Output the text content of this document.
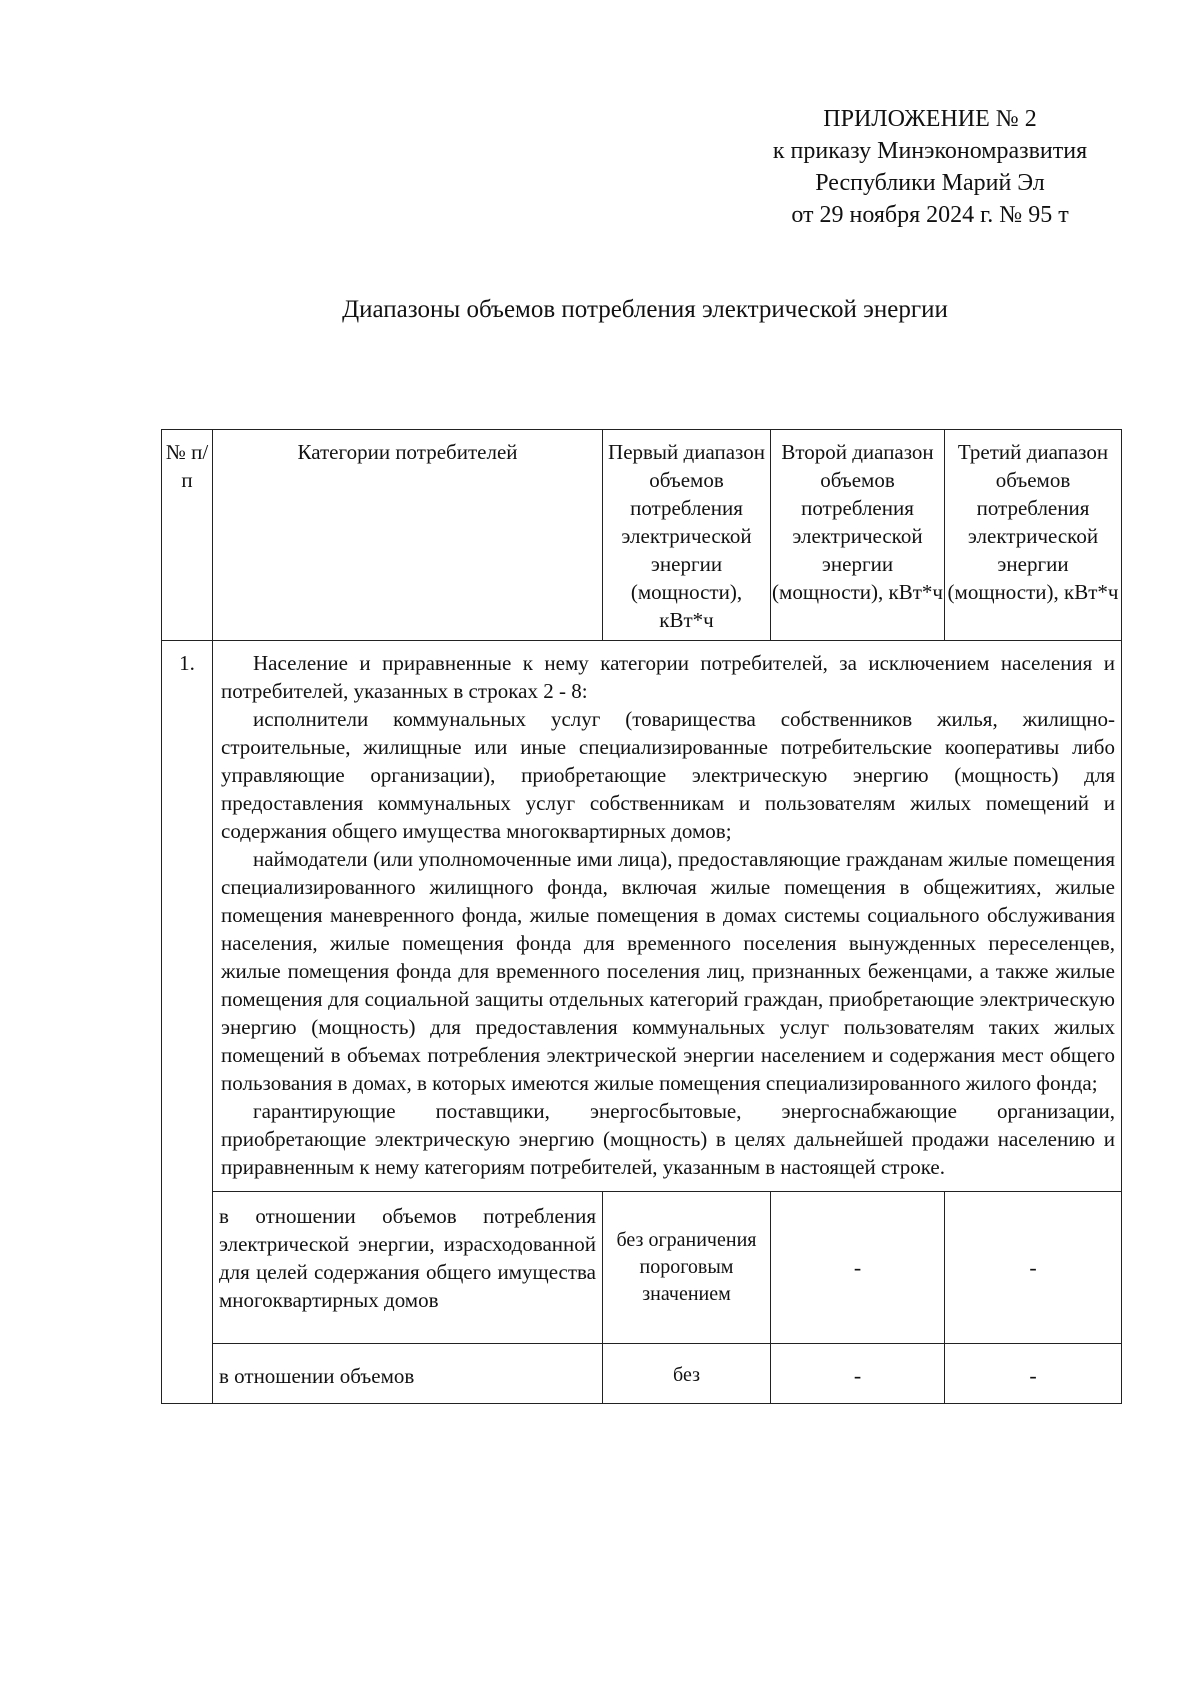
ПРИЛОЖЕНИЕ № 2
к приказу Минэкономразвития
Республики Марий Эл
от 29 ноября 2024 г. № 95 т
Диапазоны объемов потребления электрической энергии
№ п/п	Категории потребителей	Первый диапазон объемов потребления электрической энергии (мощности), кВт*ч	Второй диапазон объемов потребления электрической энергии (мощности), кВт*ч	Третий диапазон объемов потребления электрической энергии (мощности), кВт*ч
1.	Население и приравненные к нему категории потребителей, за исключением населения и потребителей, указанных в строках 2 - 8:

исполнители коммунальных услуг (товарищества собственников жилья, жилищно-строительные, жилищные или иные специализированные потребительские кооперативы либо управляющие организации), приобретающие электрическую энергию (мощность) для предоставления коммунальных услуг собственникам и пользователям жилых помещений и содержания общего имущества многоквартирных домов;

наймодатели (или уполномоченные ими лица), предоставляющие гражданам жилые помещения специализированного жилищного фонда, включая жилые помещения в общежитиях, жилые помещения маневренного фонда, жилые помещения в домах системы социального обслуживания населения, жилые помещения фонда для временного поселения вынужденных переселенцев, жилые помещения фонда для временного поселения лиц, признанных беженцами, а также жилые помещения для социальной защиты отдельных категорий граждан, приобретающие электрическую энергию (мощность) для предоставления коммунальных услуг пользователям таких жилых помещений в объемах потребления электрической энергии населением и содержания мест общего пользования в домах, в которых имеются жилые помещения специализированного жилого фонда;

гарантирующие поставщики, энергосбытовые, энергоснабжающие организации, приобретающие электрическую энергию (мощность) в целях дальнейшей продажи населению и приравненным к нему категориям потребителей, указанным в настоящей строке.			

	в отношении объемов потребления электрической энергии, израсходованной для целей содержания общего имущества многоквартирных домов	без ограничения пороговым значением	-	-
	в отношении объемов	без	-	-
